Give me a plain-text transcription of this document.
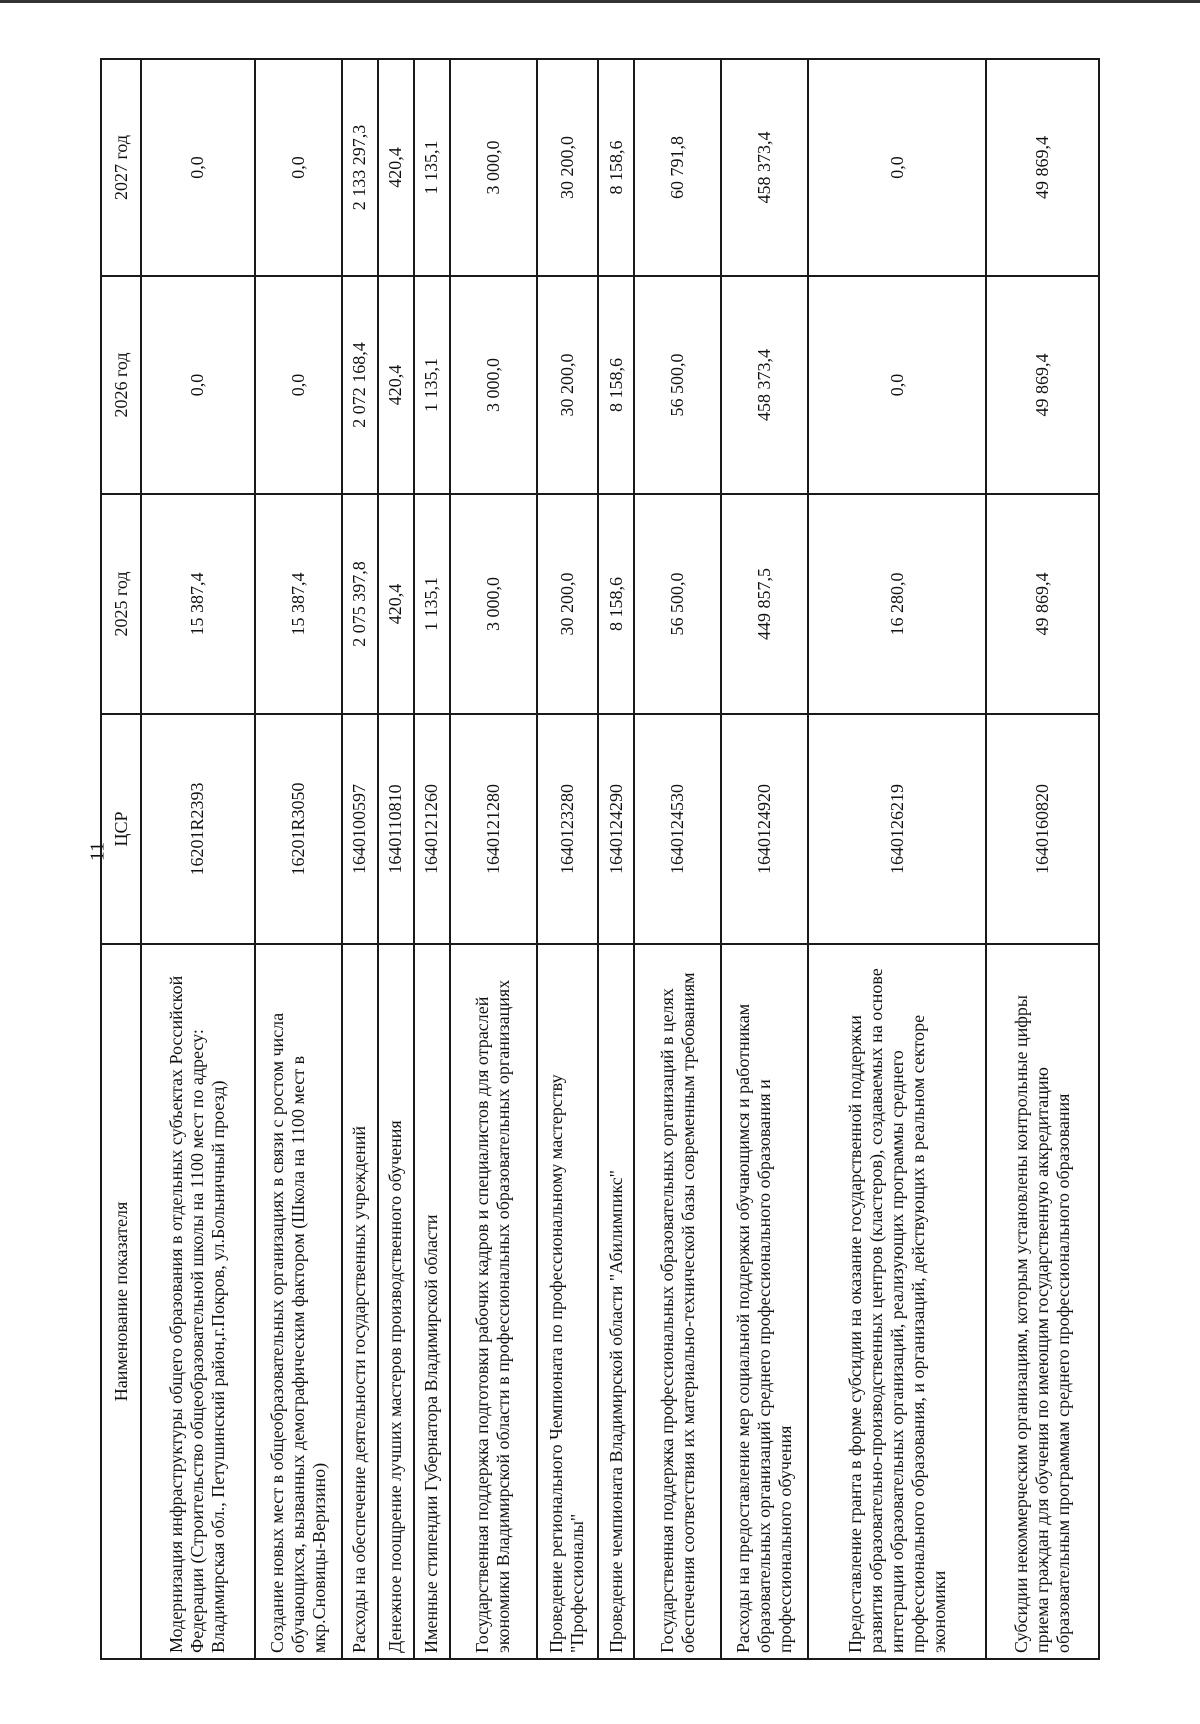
11
Наименование показателя	ЦСР	2025 год	2026 год	2027 год
Модернизация инфраструктуры общего образования в отдельных субъектах Российской Федерации (Строительство общеобразовательной школы на 1100 мест по адресу: Владимирская обл., Петушинский район,г.Покров, ул.Больничный проезд)	16201R2393	15 387,4	0,0	0,0
Создание новых мест в общеобразовательных организациях в связи с ростом числа обучающихся, вызванных демографическим фактором (Школа на 1100 мест в мкр.Сновицы-Веризино)	16201R3050	15 387,4	0,0	0,0
Расходы на обеспечение деятельности государственных учреждений	1640100597	2 075 397,8	2 072 168,4	2 133 297,3
Денежное поощрение лучших мастеров производственного обучения	1640110810	420,4	420,4	420,4
Именные стипендии Губернатора Владимирской области	1640121260	1 135,1	1 135,1	1 135,1
Государственная поддержка подготовки рабочих кадров и специалистов для отраслей экономики Владимирской области в профессиональных образовательных организациях	1640121280	3 000,0	3 000,0	3 000,0
Проведение регионального Чемпионата по профессиональному мастерству "Профессионалы"	1640123280	30 200,0	30 200,0	30 200,0
Проведение чемпионата Владимирской области "Абилимпикс"	1640124290	8 158,6	8 158,6	8 158,6
Государственная поддержка профессиональных образовательных организаций в целях обеспечения соответствия их материально-технической базы современным требованиям	1640124530	56 500,0	56 500,0	60 791,8
Расходы на предоставление мер социальной поддержки обучающимся и работникам образовательных организаций среднего профессионального образования и профессионального обучения	1640124920	449 857,5	458 373,4	458 373,4
Предоставление гранта в форме субсидии на оказание государственной поддержки развития образовательно-производственных центров (кластеров), создаваемых на основе интеграции образовательных организаций, реализующих программы среднего профессионального образования, и организаций, действующих в реальном секторе экономики	1640126219	16 280,0	0,0	0,0
Субсидии некоммерческим организациям, которым установлены контрольные цифры приема граждан для обучения по имеющим государственную аккредитацию образовательным программам среднего профессионального образования	1640160820	49 869,4	49 869,4	49 869,4
